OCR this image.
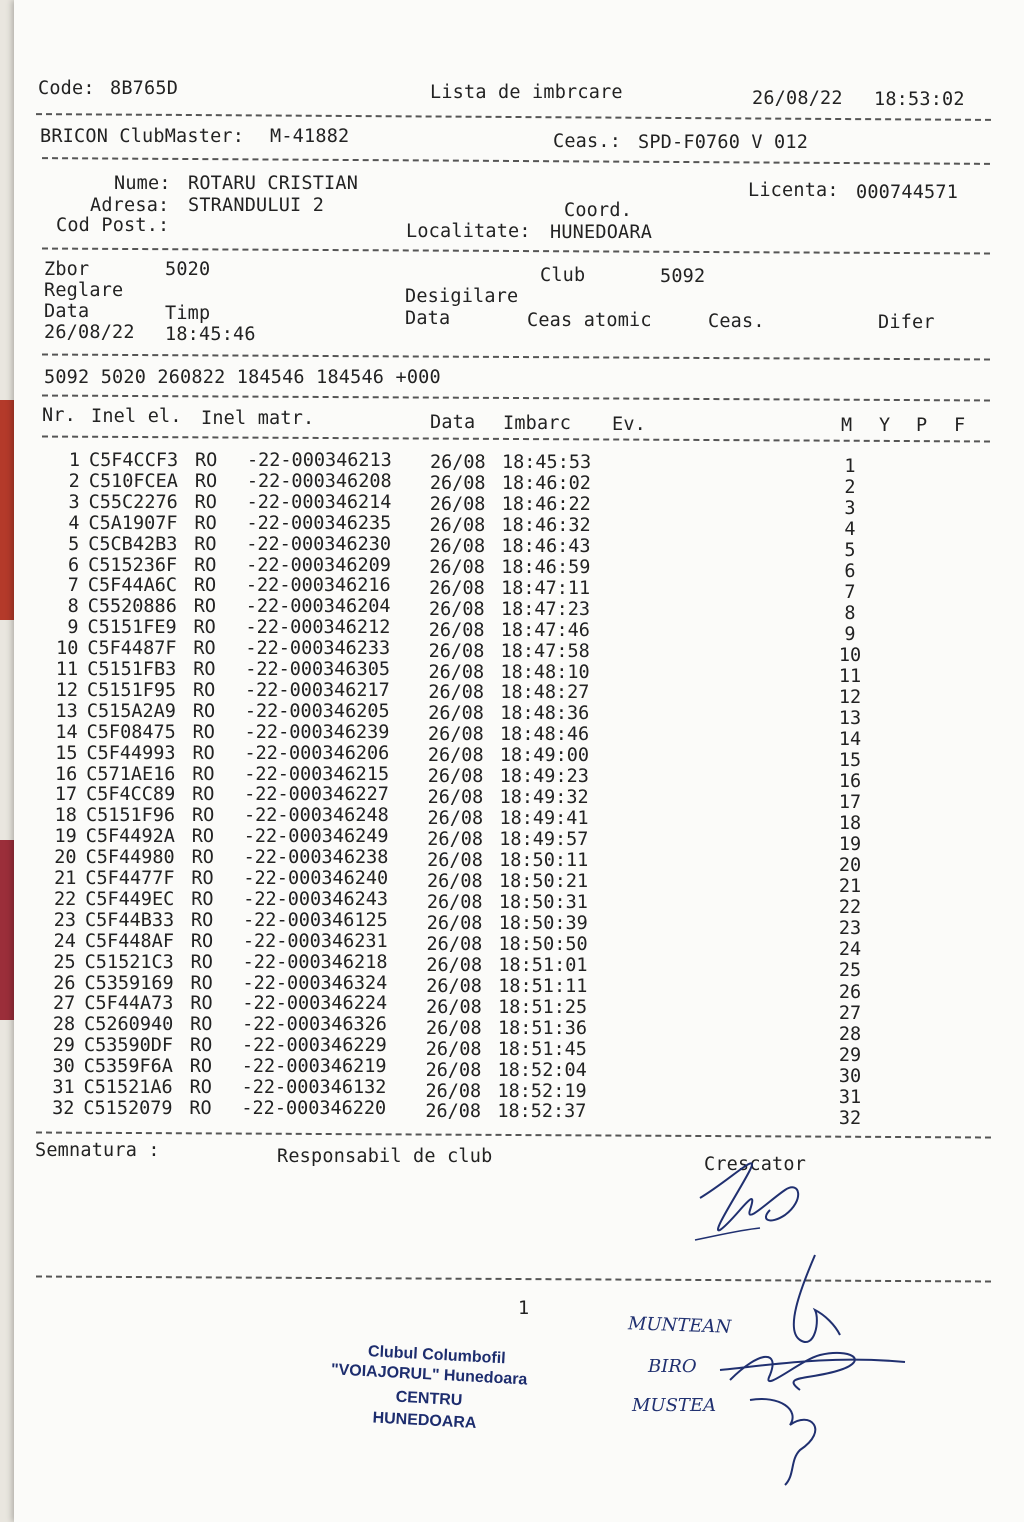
Code: 8B765D	Lista de imbrcare	26/08/22 18:53:02
BRICON ClubMaster: M-41882	Ceas.: SPD-F0760 V 012
Nume: ROTARU CRISTIAN	Licenta: 000744571
Adresa: STRANDULUI 2	Coord.
Cod Post.:	Localitate: HUNEDOARA
Zbor	5020	Club	5092
Reglare	Desigilare
Data	Timp	Data	Ceas atomic	Ceas.	Difer
26/08/22 18:45:46
5092 5020 260822 184546 184546 +000
Nr. Inel el. Inel matr.	Data Imbarc Ev.	M Y P F
1 C5F4CCF3 RO -22-000346213 26/08 18:45:53	1
2 C510FCEA RO -22-000346208 26/08 18:46:02	2
3 C55C2276 RO -22-000346214 26/08 18:46:22	3
4 C5A1907F RO -22-000346235 26/08 18:46:32	4
5 C5CB42B3 RO -22-000346230 26/08 18:46:43	5
6 C515236F RO -22-000346209 26/08 18:46:59	6
7 C5F44A6C RO -22-000346216 26/08 18:47:11	7
8 C5520886 RO -22-000346204 26/08 18:47:23	8
9 C5151FE9 RO -22-000346212 26/08 18:47:46	9
10 C5F4487F RO -22-000346233 26/08 18:47:58	10
11 C5151FB3 RO -22-000346305 26/08 18:48:10	11
12 C5151F95 RO -22-000346217 26/08 18:48:27	12
13 C515A2A9 RO -22-000346205 26/08 18:48:36	13
14 C5F08475 RO -22-000346239 26/08 18:48:46	14
15 C5F44993 RO -22-000346206 26/08 18:49:00	15
16 C571AE16 RO -22-000346215 26/08 18:49:23	16
17 C5F4CC89 RO -22-000346227 26/08 18:49:32	17
18 C5151F96 RO -22-000346248 26/08 18:49:41	18
19 C5F4492A RO -22-000346249 26/08 18:49:57	19
20 C5F44980 RO -22-000346238 26/08 18:50:11	20
21 C5F4477F RO -22-000346240 26/08 18:50:21	21
22 C5F449EC RO -22-000346243 26/08 18:50:31	22
23 C5F44B33 RO -22-000346125 26/08 18:50:39	23
24 C5F448AF RO -22-000346231 26/08 18:50:50	24
25 C51521C3 RO -22-000346218 26/08 18:51:01	25
26 C5359169 RO -22-000346324 26/08 18:51:11	26
27 C5F44A73 RO -22-000346224 26/08 18:51:25	27
28 C5260940 RO -22-000346326 26/08 18:51:36	28
29 C53590DF RO -22-000346229 26/08 18:51:45	29
30 C5359F6A RO -22-000346219 26/08 18:52:04	30
31 C51521A6 RO -22-000346132 26/08 18:52:19	31
32 C5152079 RO -22-000346220 26/08 18:52:37	32
Semnatura :	Responsabil de club	Crescator
1
Clubul Columbofil
"VOIAJORUL" Hunedoara
CENTRU
HUNEDOARA
MUNTEAN
BIRO
MUSTEA
